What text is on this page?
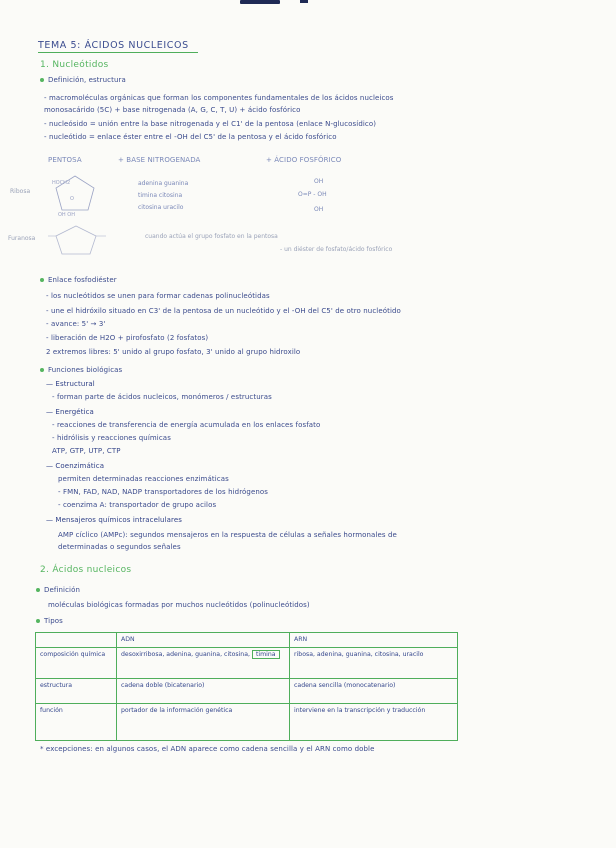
TEMA 5: ÁCIDOS NUCLEICOS
1. Nucleótidos
Definición, estructura
- macromoléculas orgánicas que forman los componentes fundamentales de los ácidos nucleicos
monosacárido (5C) + base nitrogenada (A, G, C, T, U) + ácido fosfórico
- nucleósido = unión entre la base nitrogenada y el C1' de la pentosa (enlace N-glucosídico)
- nucleótido = enlace éster entre el -OH del C5' de la pentosa y el ácido fosfórico
PENTOSA	+ BASE NITROGENADA	+ ÁCIDO FOSFÓRICO
Ribosa
HOCH2
O
OH OH
adenina guanina
timina citosina
citosina uracilo
OH
O=P - OH
OH
Furanosa	cuando actúa el grupo fosfato en la pentosa
- un diéster de fosfato/ácido fosfórico
Enlace fosfodiéster
- los nucleótidos se unen para formar cadenas polinucleótidas
- une el hidróxilo situado en C3' de la pentosa de un nucleótido y el -OH del C5' de otro nucleótido
- avance: 5' → 3'
- liberación de H2O + pirofosfato (2 fosfatos)
2 extremos libres: 5' unido al grupo fosfato, 3' unido al grupo hidroxilo
Funciones biológicas
— Estructural
- forman parte de ácidos nucleicos, monómeros / estructuras
— Energética
- reacciones de transferencia de energía acumulada en los enlaces fosfato
- hidrólisis y reacciones químicas
ATP, GTP, UTP, CTP
— Coenzimática
permiten determinadas reacciones enzimáticas
- FMN, FAD, NAD, NADP transportadores de los hidrógenos
- coenzima A: transportador de grupo acilos
— Mensajeros químicos intracelulares
AMP cíclico (AMPc): segundos mensajeros en la respuesta de células a señales hormonales de
determinadas o segundos señales
2. Ácidos nucleicos
Definición
moléculas biológicas formadas por muchos nucleótidos (polinucleótidos)
Tipos
	ADN	ARN
composición química	desoxirribosa, adenina, guanina, citosina, timina	ribosa, adenina, guanina, citosina, uracilo
estructura	cadena doble (bicatenario)	cadena sencilla (monocatenario)
función	portador de la información genética	interviene en la transcripción y traducción
* excepciones: en algunos casos, el ADN aparece como cadena sencilla y el ARN como doble
